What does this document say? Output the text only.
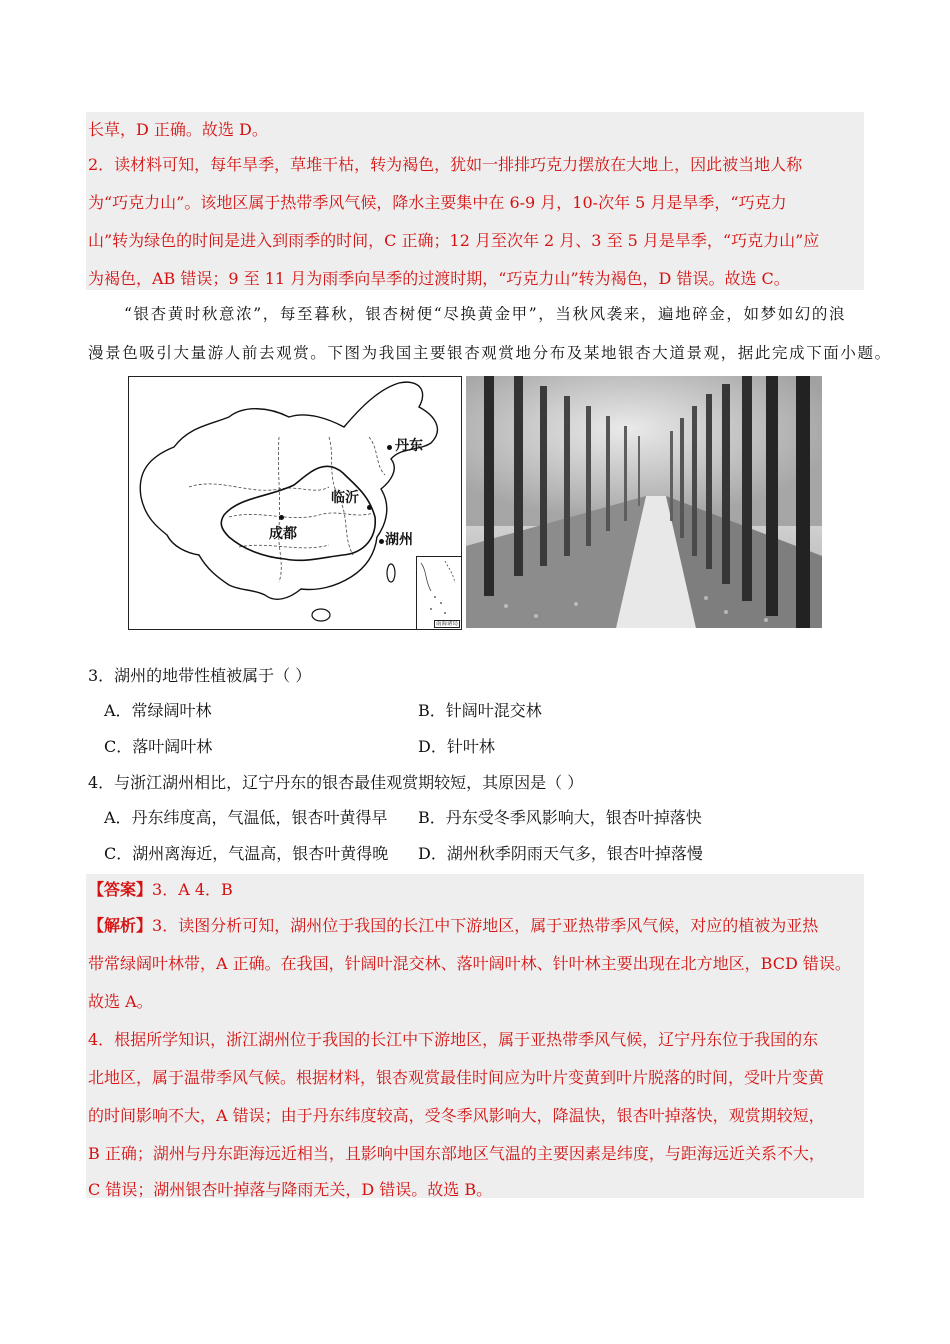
长草，D 正确。故选 D。
2．读材料可知，每年旱季，草堆干枯，转为褐色，犹如一排排巧克力摆放在大地上，因此被当地人称
为“巧克力山”。该地区属于热带季风气候，降水主要集中在 6-9 月，10-次年 5 月是旱季，“巧克力
山”转为绿色的时间是进入到雨季的时间，C 正确；12 月至次年 2 月、3 至 5 月是旱季，“巧克力山”应
为褐色，AB 错误；9 至 11 月为雨季向旱季的过渡时期，“巧克力山”转为褐色，D 错误。故选 C。
“银杏黄时秋意浓”，每至暮秋，银杏树便“尽换黄金甲”，当秋风袭来，遍地碎金，如梦如幻的浪
漫景色吸引大量游人前去观赏。下图为我国主要银杏观赏地分布及某地银杏大道景观，据此完成下面小题。
南海诸岛
丹东
临沂
成都	湖州
3．湖州的地带性植被属于（ ）
A．常绿阔叶林	B．针阔叶混交林
C．落叶阔叶林	D．针叶林
4．与浙江湖州相比，辽宁丹东的银杏最佳观赏期较短，其原因是（ ）
A．丹东纬度高，气温低，银杏叶黄得早 B．丹东受冬季风影响大，银杏叶掉落快
C．湖州离海近，气温高，银杏叶黄得晚 D．湖州秋季阴雨天气多，银杏叶掉落慢
【答案】3．A 4．B
【解析】3．读图分析可知，湖州位于我国的长江中下游地区，属于亚热带季风气候，对应的植被为亚热
带常绿阔叶林带，A 正确。在我国，针阔叶混交林、落叶阔叶林、针叶林主要出现在北方地区，BCD 错误。
故选 A。
4．根据所学知识，浙江湖州位于我国的长江中下游地区，属于亚热带季风气候，辽宁丹东位于我国的东
北地区，属于温带季风气候。根据材料，银杏观赏最佳时间应为叶片变黄到叶片脱落的时间，受叶片变黄
的时间影响不大，A 错误；由于丹东纬度较高，受冬季风影响大，降温快，银杏叶掉落快，观赏期较短，
B 正确；湖州与丹东距海远近相当，且影响中国东部地区气温的主要因素是纬度，与距海远近关系不大，
C 错误；湖州银杏叶掉落与降雨无关，D 错误。故选 B。
